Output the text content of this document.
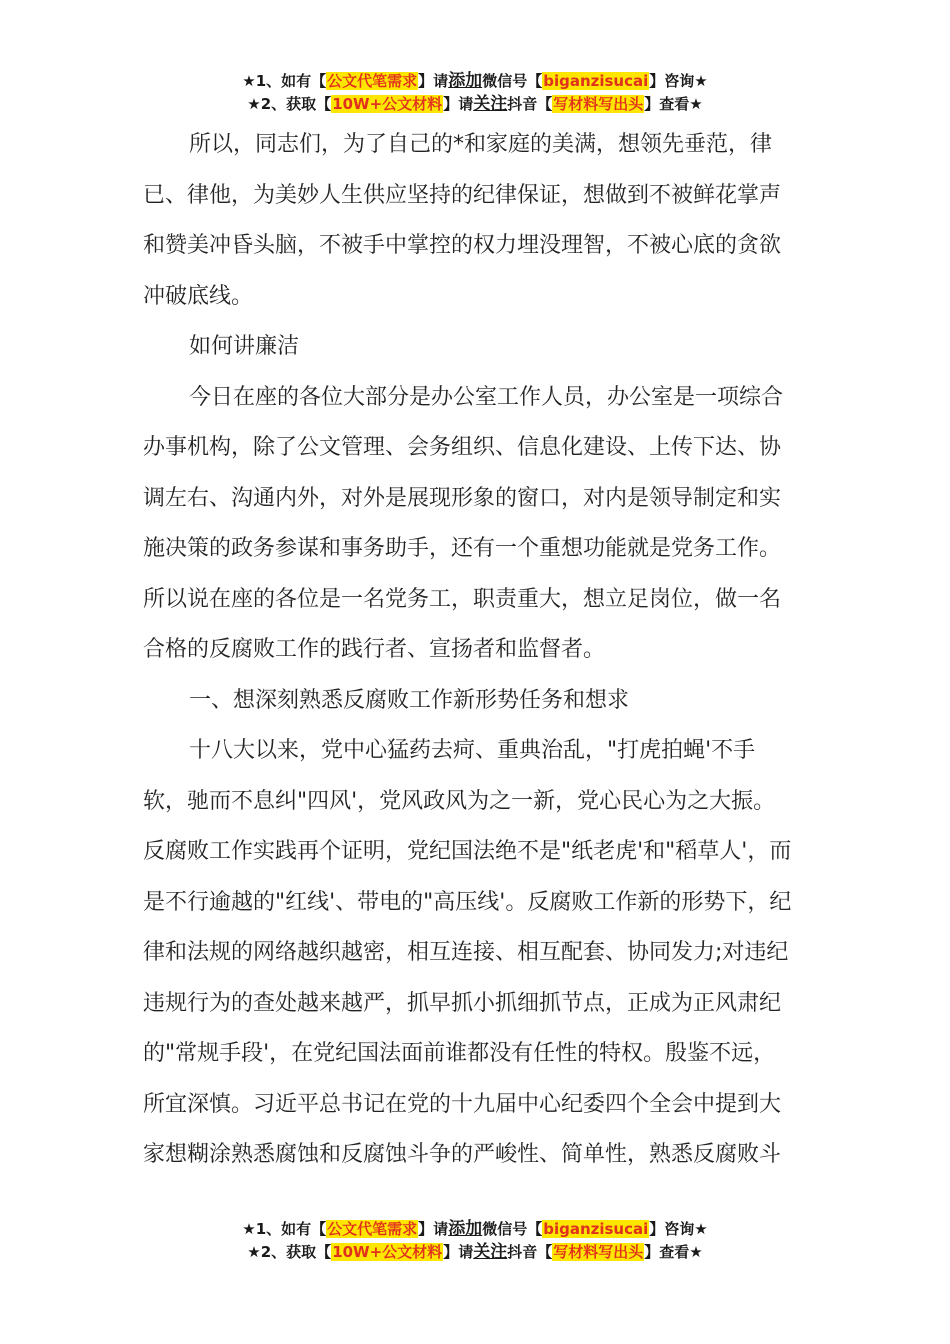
★1、如有【公文代笔需求】请添加微信号【biganzisucai】咨询★
★2、获取【10W+公文材料】请关注抖音【写材料写出头】查看★
所以，同志们，为了自己的*和家庭的美满，想领先垂范，律
已、律他，为美妙人生供应坚持的纪律保证，想做到不被鲜花掌声
和赞美冲昏头脑，不被手中掌控的权力埋没理智，不被心底的贪欲
冲破底线。
如何讲廉洁
今日在座的各位大部分是办公室工作人员，办公室是一项综合
办事机构，除了公文管理、会务组织、信息化建设、上传下达、协
调左右、沟通内外，对外是展现形象的窗口，对内是领导制定和实
施决策的政务参谋和事务助手，还有一个重想功能就是党务工作。
所以说在座的各位是一名党务工，职责重大，想立足岗位，做一名
合格的反腐败工作的践行者、宣扬者和监督者。
一、想深刻熟悉反腐败工作新形势任务和想求
十八大以来，党中心猛药去疴、重典治乱，"打虎拍蝇'不手
软，驰而不息纠"四风'，党风政风为之一新，党心民心为之大振。
反腐败工作实践再个证明，党纪国法绝不是"纸老虎'和"稻草人'，而
是不行逾越的"红线'、带电的"高压线'。反腐败工作新的形势下，纪
律和法规的网络越织越密，相互连接、相互配套、协同发力;对违纪
违规行为的查处越来越严，抓早抓小抓细抓节点，正成为正风肃纪
的"常规手段'，在党纪国法面前谁都没有任性的特权。殷鉴不远，
所宜深慎。习近平总书记在党的十九届中心纪委四个全会中提到大
家想糊涂熟悉腐蚀和反腐蚀斗争的严峻性、简单性，熟悉反腐败斗
★1、如有【公文代笔需求】请添加微信号【biganzisucai】咨询★
★2、获取【10W+公文材料】请关注抖音【写材料写出头】查看★
